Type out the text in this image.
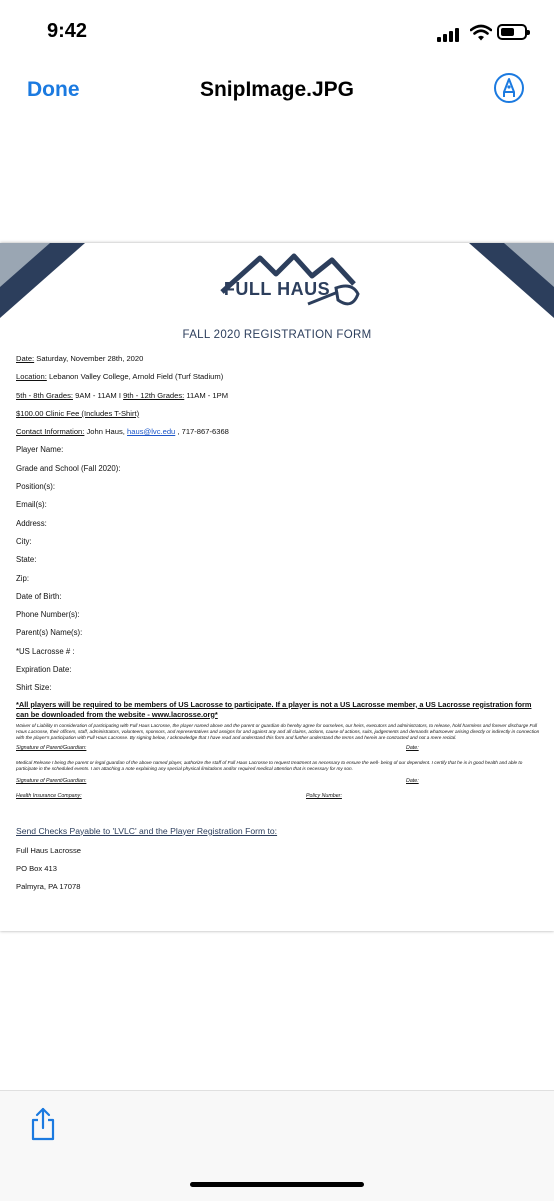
9:42
Done	SnipImage.JPG
FULL HAUS
FALL 2020 REGISTRATION FORM
Date: Saturday, November 28th, 2020
Location: Lebanon Valley College, Arnold Field (Turf Stadium)
5th - 8th Grades: 9AM - 11AM I 9th - 12th Grades: 11AM - 1PM
$100.00 Clinic Fee (Includes T-Shirt)
Contact Information: John Haus, haus@lvc.edu , 717-867-6368
Player Name:
Grade and School (Fall 2020):
Position(s):
Email(s):
Address:
City:
State:
Zip:
Date of Birth:
Phone Number(s):
Parent(s) Name(s):
*US Lacrosse # :
Expiration Date:
Shirt Size:
*All players will be required to be members of US Lacrosse to participate. If a player is not a US Lacrosse member, a US Lacrosse registration form can be downloaded from the website - www.lacrosse.org*
Waiver of Liability In consideration of participating with Full Haus Lacrosse, the player named above and the parent or guardian do hereby agree for ourselves, our heirs, executors and administrators, to release, hold harmless and forever discharge Full Haus Lacrosse, their officers, staff, administrators, volunteers, sponsors, and representatives and assigns for and against any and all claims, actions, cause of actions, suits, judgements and demands whatsoever arising directly or indirectly in connection with the player's participation with Full Haus Lacrosse. By signing below, I acknowledge that I have read and understand this form and further understand the terms and herein are contracted and not a mere recital.
Signature of Parent/Guardian:	Date:
Medical Release I being the parent or legal guardian of the above named player, authorize the staff of Full Haus Lacrosse to request treatment as necessary to ensure the well- being of our dependent. I certify that he is in good health and able to participate in the scheduled events. I am attaching a note explaining any special physical limitations and/or required medical attention that is necessary for my son.
Signature of Parent/Guardian:	Date:
Health Insurance Company:	Policy Number:
Send Checks Payable to 'LVLC' and the Player Registration Form to:
Full Haus Lacrosse
PO Box 413
Palmyra, PA 17078
